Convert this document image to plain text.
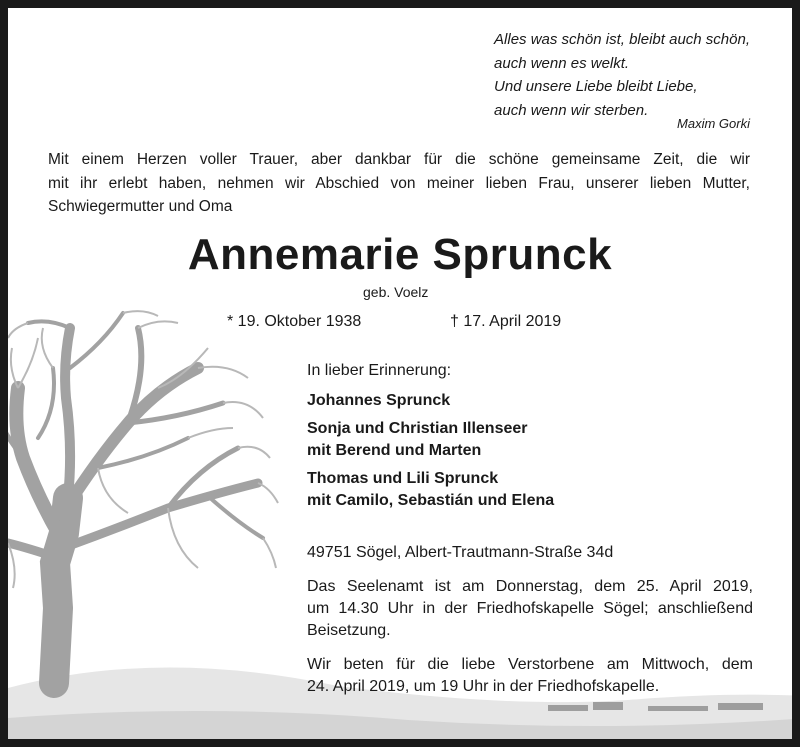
Alles was schön ist, bleibt auch schön,
auch wenn es welkt.
Und unsere Liebe bleibt Liebe,
auch wenn wir sterben.
Maxim Gorki
Mit einem Herzen voller Trauer, aber dankbar für die schöne gemeinsame Zeit, die wir
mit ihr erlebt haben, nehmen wir Abschied von meiner lieben Frau, unserer lieben Mutter,
Schwiegermutter und Oma
Annemarie Sprunck
geb. Voelz
* 19. Oktober 1938	† 17. April 2019
In lieber Erinnerung:
Johannes Sprunck
Sonja und Christian Illenseer
mit Berend und Marten
Thomas und Lili Sprunck
mit Camilo, Sebastián und Elena
49751 Sögel, Albert-Trautmann-Straße 34d
Das Seelenamt ist am Donnerstag, dem 25. April 2019,
um 14.30 Uhr in der Friedhofskapelle Sögel; anschließend
Beisetzung.
Wir beten für die liebe Verstorbene am Mittwoch, dem
24. April 2019, um 19 Uhr in der Friedhofskapelle.
